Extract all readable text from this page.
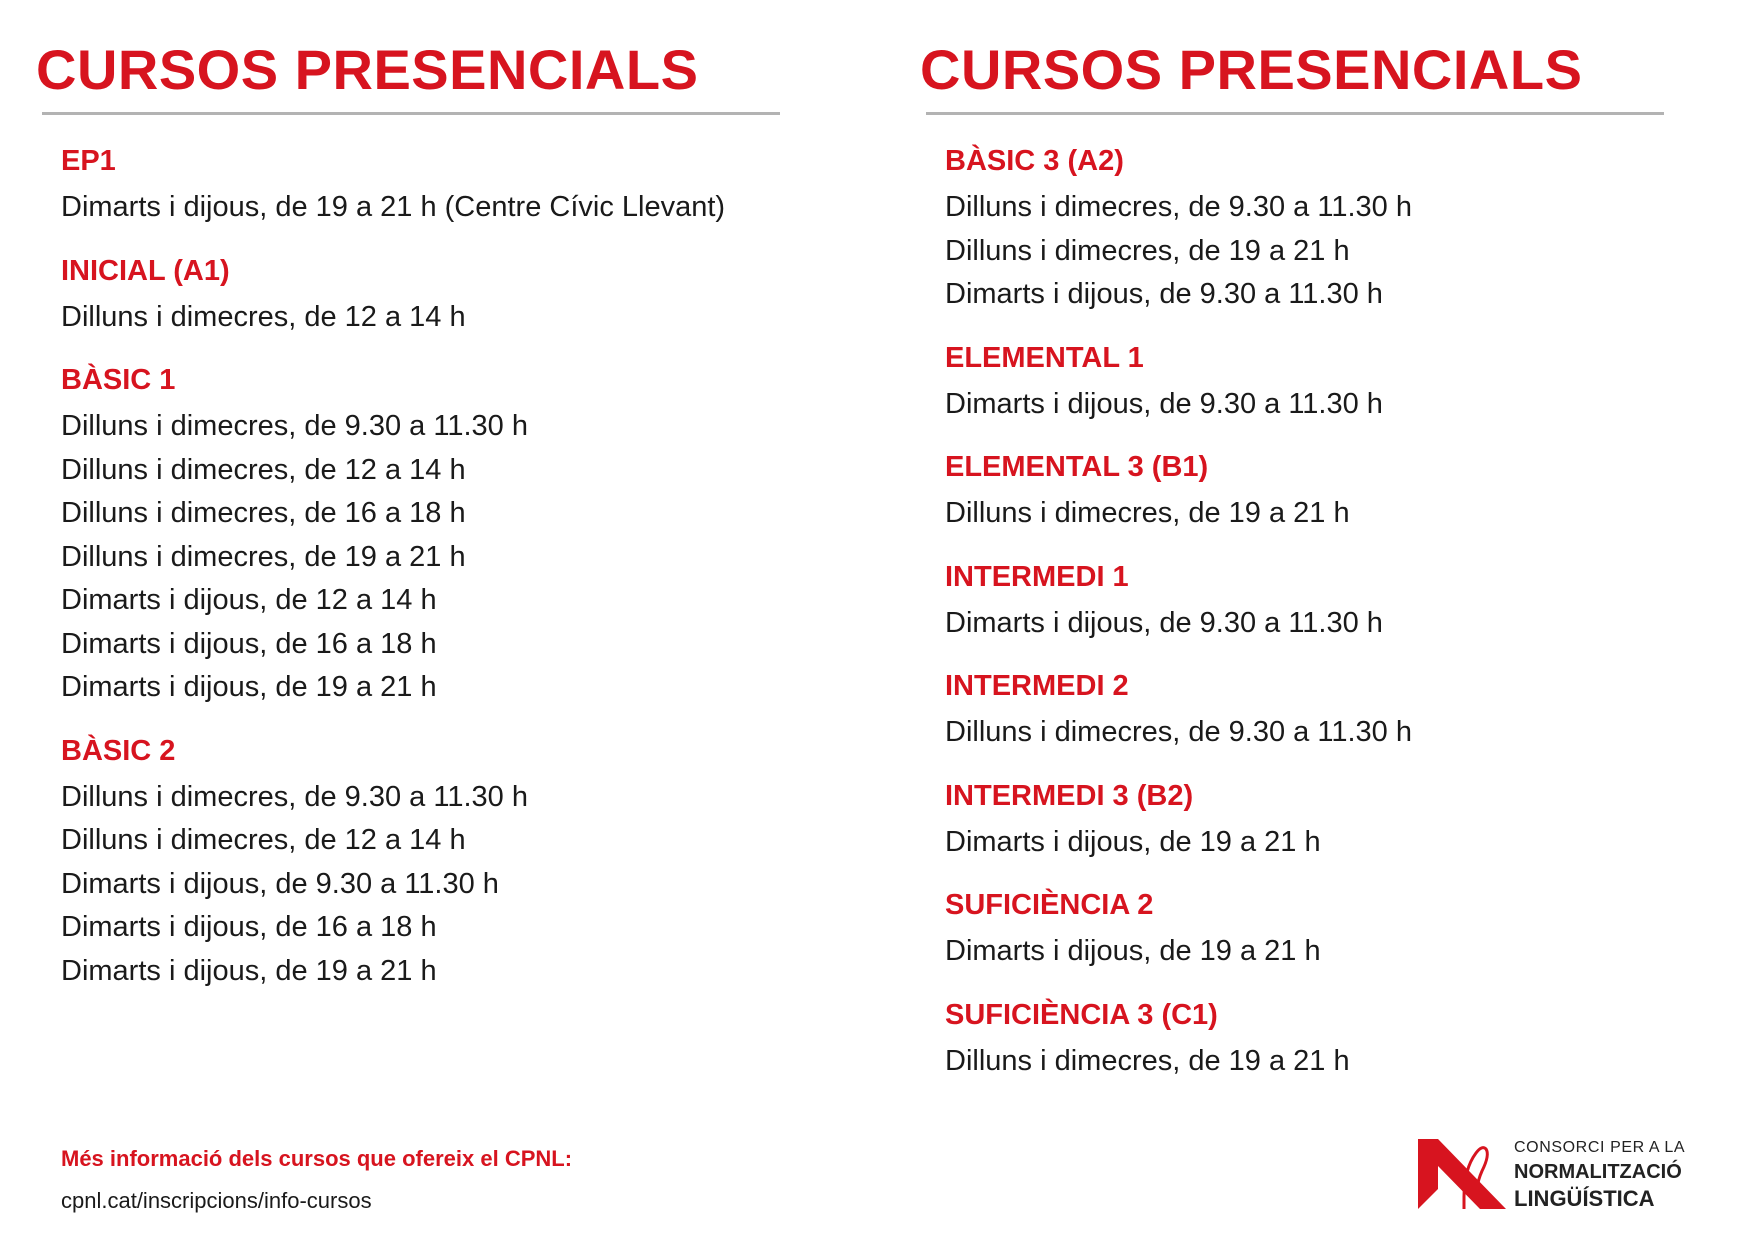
CURSOS PRESENCIALS
EP1
Dimarts i dijous, de 19 a 21 h (Centre Cívic Llevant)
INICIAL (A1)
Dilluns i dimecres, de 12 a 14 h
BÀSIC 1
Dilluns i dimecres, de 9.30 a 11.30 h
Dilluns i dimecres, de 12 a 14 h
Dilluns i dimecres, de 16 a 18 h
Dilluns i dimecres, de 19 a 21 h
Dimarts i dijous, de 12 a 14 h
Dimarts i dijous, de 16 a 18 h
Dimarts i dijous, de 19 a 21 h
BÀSIC 2
Dilluns i dimecres, de 9.30 a 11.30 h
Dilluns i dimecres, de 12 a 14 h
Dimarts i dijous, de 9.30 a 11.30 h
Dimarts i dijous, de 16 a 18 h
Dimarts i dijous, de 19 a 21 h
CURSOS PRESENCIALS
BÀSIC 3 (A2)
Dilluns i dimecres, de 9.30 a 11.30 h
Dilluns i dimecres, de 19 a 21 h
Dimarts i dijous, de 9.30 a 11.30 h
ELEMENTAL 1
Dimarts i dijous, de 9.30 a 11.30 h
ELEMENTAL 3 (B1)
Dilluns i dimecres, de 19 a 21 h
INTERMEDI 1
Dimarts i dijous, de 9.30 a 11.30 h
INTERMEDI 2
Dilluns i dimecres, de 9.30 a 11.30 h
INTERMEDI 3 (B2)
Dimarts i dijous, de 19 a 21 h
SUFICIÈNCIA 2
Dimarts i dijous, de 19 a 21 h
SUFICIÈNCIA 3 (C1)
Dilluns i dimecres, de 19 a 21 h
Més informació dels cursos que ofereix el CPNL:
cpnl.cat/inscripcions/info-cursos
CONSORCI PER A LA
NORMALITZACIÓ
LINGÜÍSTICA
